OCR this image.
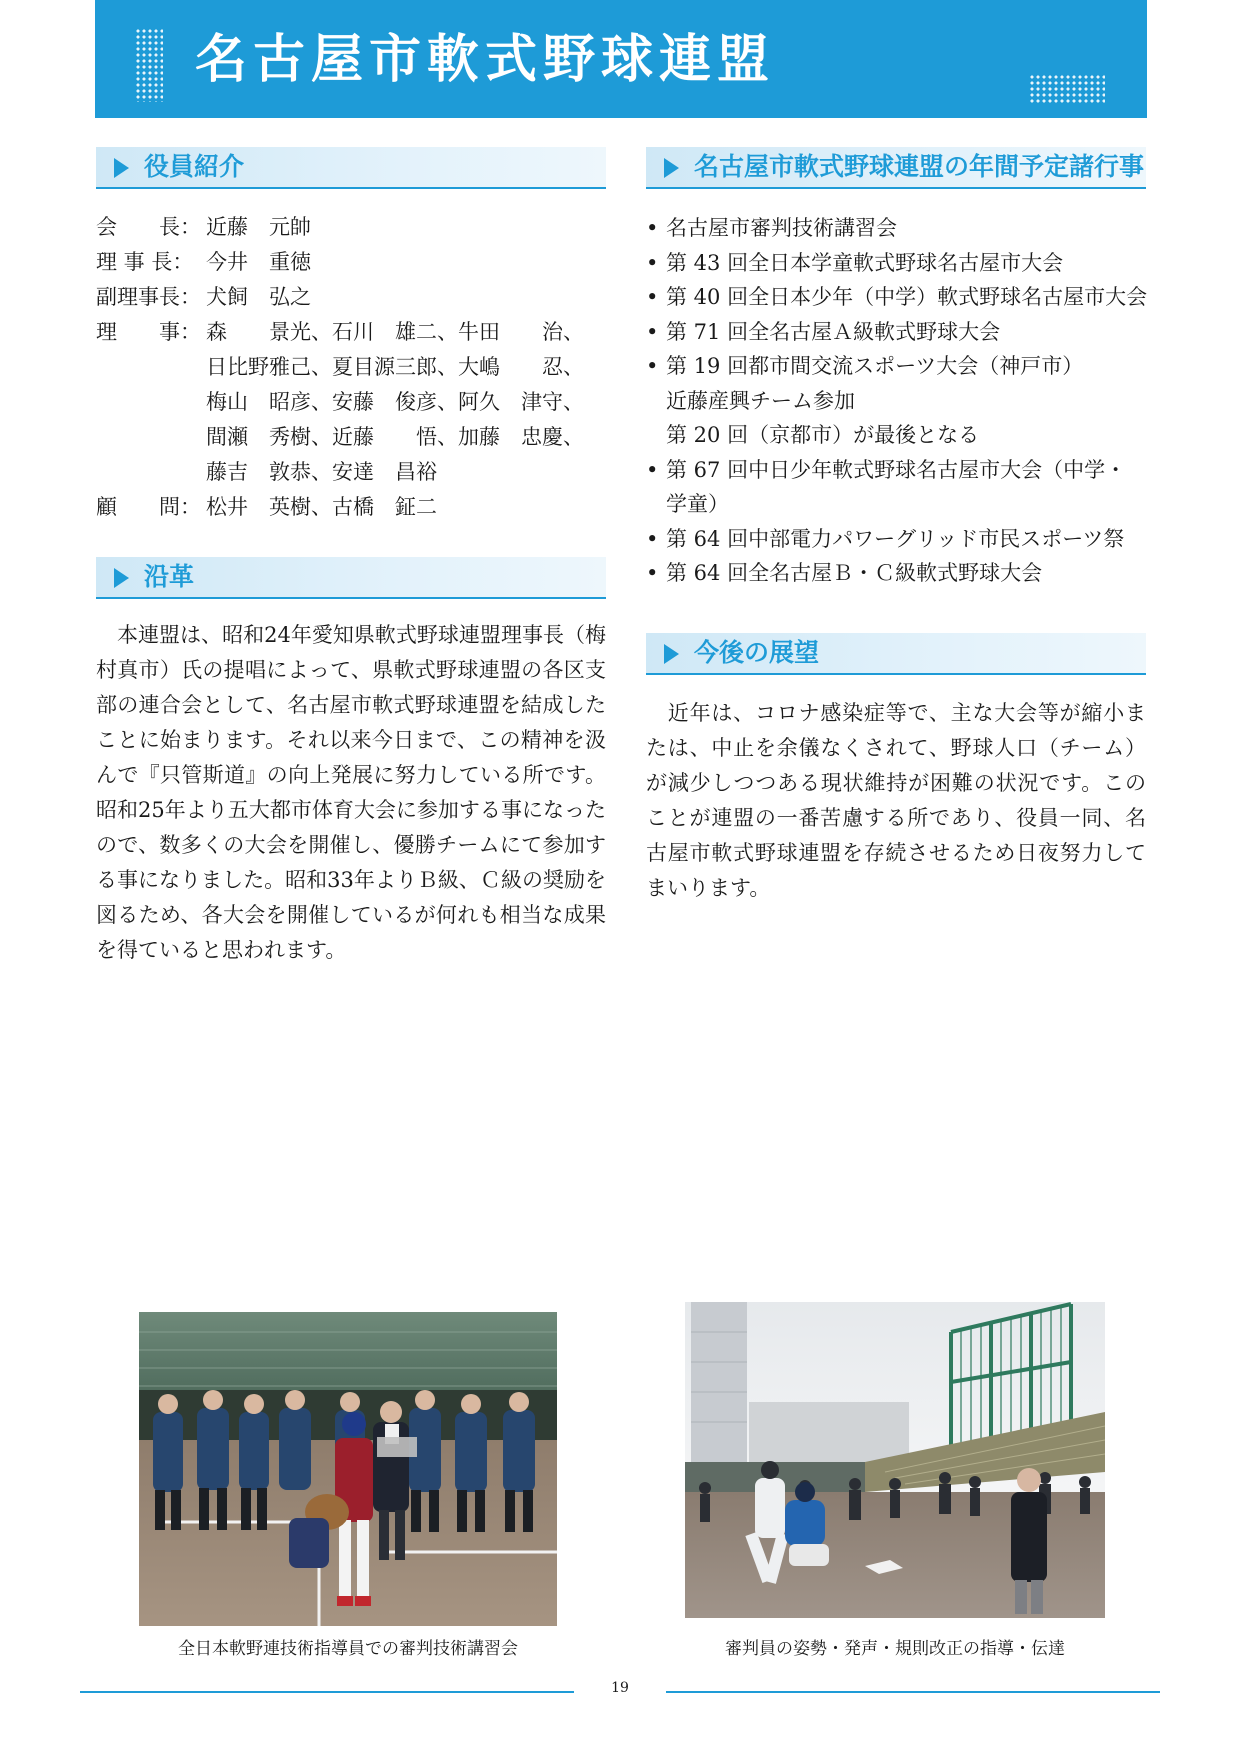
名古屋市軟式野球連盟
役員紹介
会　　長： 近藤　元帥
理 事 長： 今井　重徳
副理事長： 犬飼　弘之
理　　事： 森　　景光、石川　雄二、牛田　　治、
日比野雅己、夏目源三郎、大嶋　　忍、
梅山　昭彦、安藤　俊彦、阿久　津守、
間瀬　秀樹、近藤　　悟、加藤　忠慶、
藤吉　敦恭、安達　昌裕
顧　　問： 松井　英樹、古橋　鉦二
沿革

　本連盟は、昭和24年愛知県軟式野球連盟理事長（梅村真市）氏の提唱によって、県軟式野球連盟の各区支部の連合会として、名古屋市軟式野球連盟を結成したことに始まります。それ以来今日まで、この精神を汲んで『只管斯道』の向上発展に努力している所です。昭和25年より五大都市体育大会に参加する事になったので、数多くの大会を開催し、優勝チームにて参加する事になりました。昭和33年よりＢ級、Ｃ級の奨励を図るため、各大会を開催しているが何れも相当な成果を得ていると思われます。

名古屋市軟式野球連盟の年間予定諸行事
• 名古屋市審判技術講習会
• 第 43 回全日本学童軟式野球名古屋市大会
• 第 40 回全日本少年（中学）軟式野球名古屋市大会
• 第 71 回全名古屋Ａ級軟式野球大会
• 第 19 回都市間交流スポーツ大会（神戸市）
近藤産興チーム参加
第 20 回（京都市）が最後となる
• 第 67 回中日少年軟式野球名古屋市大会（中学・
学童）
• 第 64 回中部電力パワーグリッド市民スポーツ祭
• 第 64 回全名古屋Ｂ・Ｃ級軟式野球大会
今後の展望

　近年は、コロナ感染症等で、主な大会等が縮小または、中止を余儀なくされて、野球人口（チーム）が減少しつつある現状維持が困難の状況です。このことが連盟の一番苦慮する所であり、役員一同、名古屋市軟式野球連盟を存続させるため日夜努力してまいります。

全日本軟野連技術指導員での審判技術講習会	審判員の姿勢・発声・規則改正の指導・伝達
19
